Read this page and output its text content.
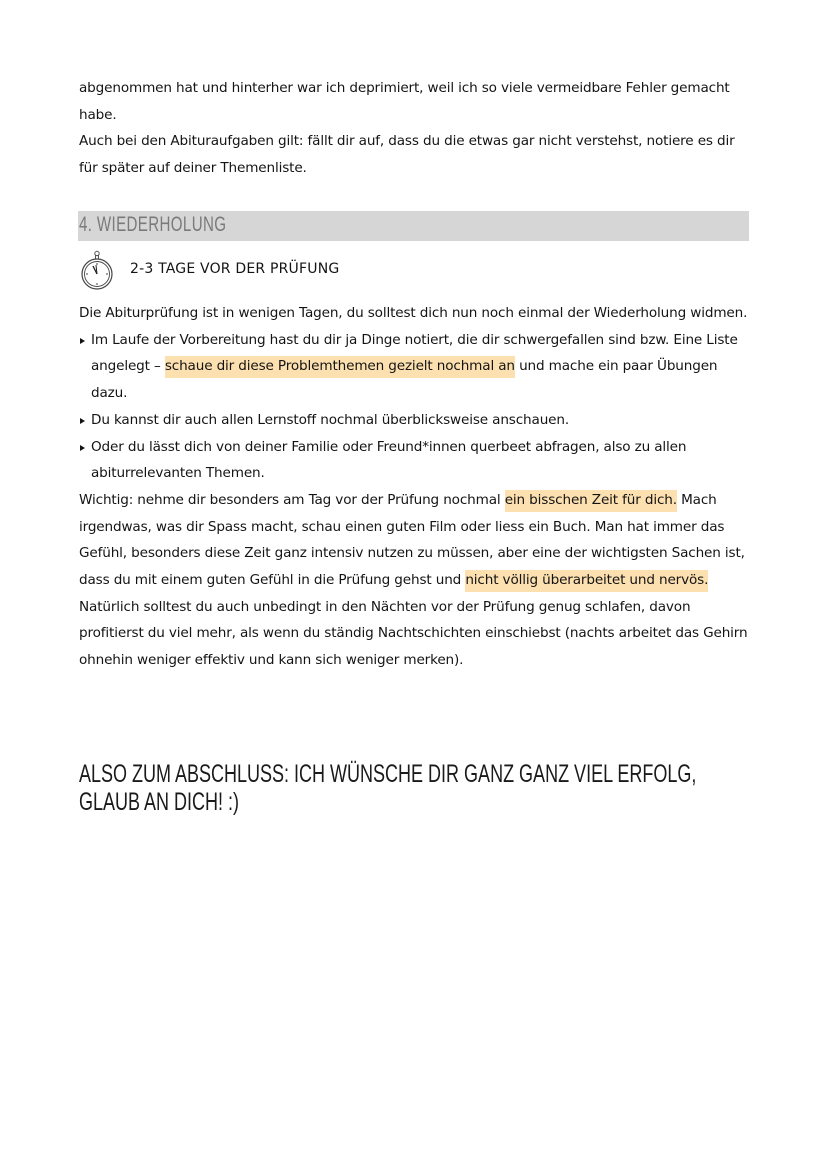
abgenommen hat und hinterher war ich deprimiert, weil ich so viele vermeidbare Fehler gemacht habe.

Auch bei den Abituraufgaben gilt: fällt dir auf, dass du die etwas gar nicht verstehst, notiere es dir für später auf deiner Themenliste.

4. WIEDERHOLUNG
2-3 TAGE VOR DER PRÜFUNG

Die Abiturprüfung ist in wenigen Tagen, du solltest dich nun noch einmal der Wiederholung widmen.

Im Laufe der Vorbereitung hast du dir ja Dinge notiert, die dir schwergefallen sind bzw. Eine Liste angelegt – schaue dir diese Problemthemen gezielt nochmal an und mache ein paar Übungen dazu.
Du kannst dir auch allen Lernstoff nochmal überblicksweise anschauen.
Oder du lässt dich von deiner Familie oder Freund*innen querbeet abfragen, also zu allen abiturrelevanten Themen.

Wichtig: nehme dir besonders am Tag vor der Prüfung nochmal ein bisschen Zeit für dich. Mach irgendwas, was dir Spass macht, schau einen guten Film oder liess ein Buch. Man hat immer das Gefühl, besonders diese Zeit ganz intensiv nutzen zu müssen, aber eine der wichtigsten Sachen ist, dass du mit einem guten Gefühl in die Prüfung gehst und nicht völlig überarbeitet und nervös. Natürlich solltest du auch unbedingt in den Nächten vor der Prüfung genug schlafen, davon profitierst du viel mehr, als wenn du ständig Nachtschichten einschiebst (nachts arbeitet das Gehirn ohnehin weniger effektiv und kann sich weniger merken).

ALSO ZUM ABSCHLUSS: ICH WÜNSCHE DIR GANZ GANZ VIEL ERFOLG,
GLAUB AN DICH! :)
